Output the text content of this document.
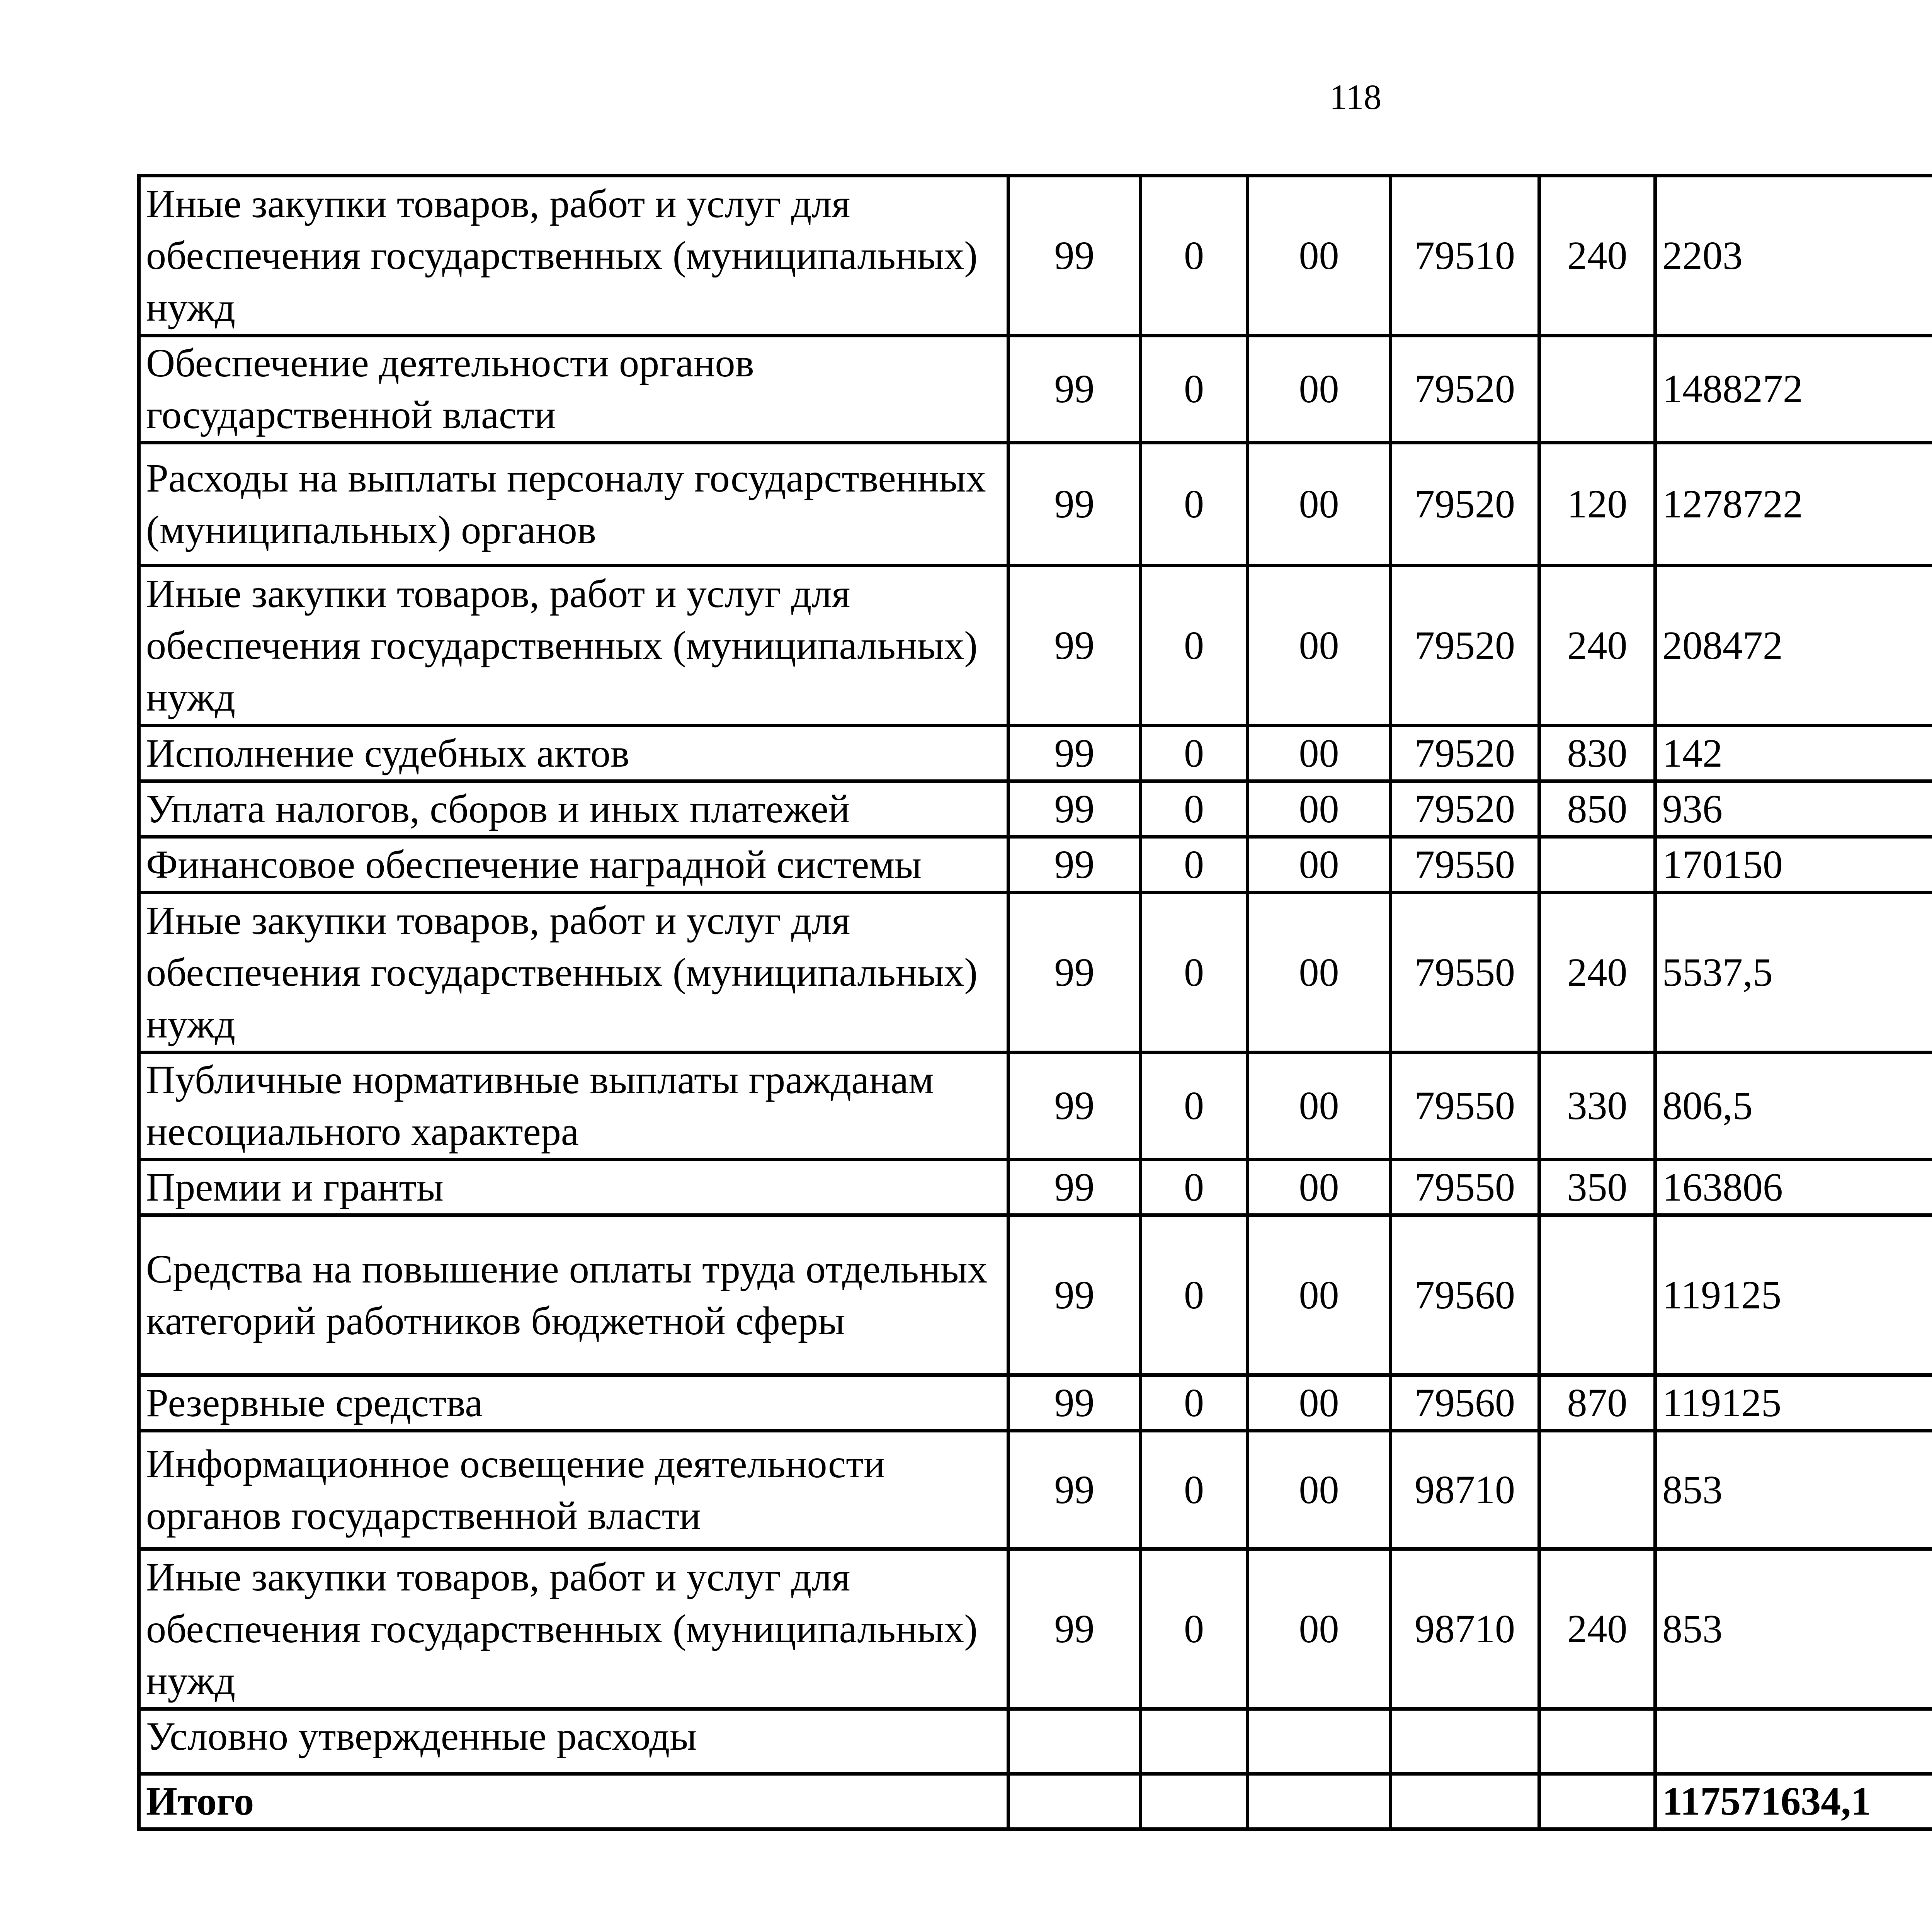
118
Иные закупки товаров, работ и услуг для обеспечения государственных (муниципальных) нужд	99	0	00	79510	240	2203		
Обеспечение деятельности органов государственной власти	99	0	00	79520		1488272		
Расходы на выплаты персоналу государственных (муниципальных) органов	99	0	00	79520	120	1278722		
Иные закупки товаров, работ и услуг для обеспечения государственных (муниципальных) нужд	99	0	00	79520	240	208472		
Исполнение судебных актов	99	0	00	79520	830	142		
Уплата налогов, сборов и иных платежей	99	0	00	79520	850	936		
Финансовое обеспечение наградной системы	99	0	00	79550		170150		
Иные закупки товаров, работ и услуг для обеспечения государственных (муниципальных) нужд	99	0	00	79550	240	5537,5		
Публичные нормативные выплаты гражданам несоциального характера	99	0	00	79550	330	806,5		
Премии и гранты	99	0	00	79550	350	163806		
Средства на повышение оплаты труда отдельных категорий работников бюджетной сферы	99	0	00	79560		119125		
Резервные средства	99	0	00	79560	870	119125		
Информационное освещение деятельности органов государственной власти	99	0	00	98710		853		
Иные закупки товаров, работ и услуг для обеспечения государственных (муниципальных) нужд	99	0	00	98710	240	853		
Условно утвержденные расходы								
Итого						117571634,1		
